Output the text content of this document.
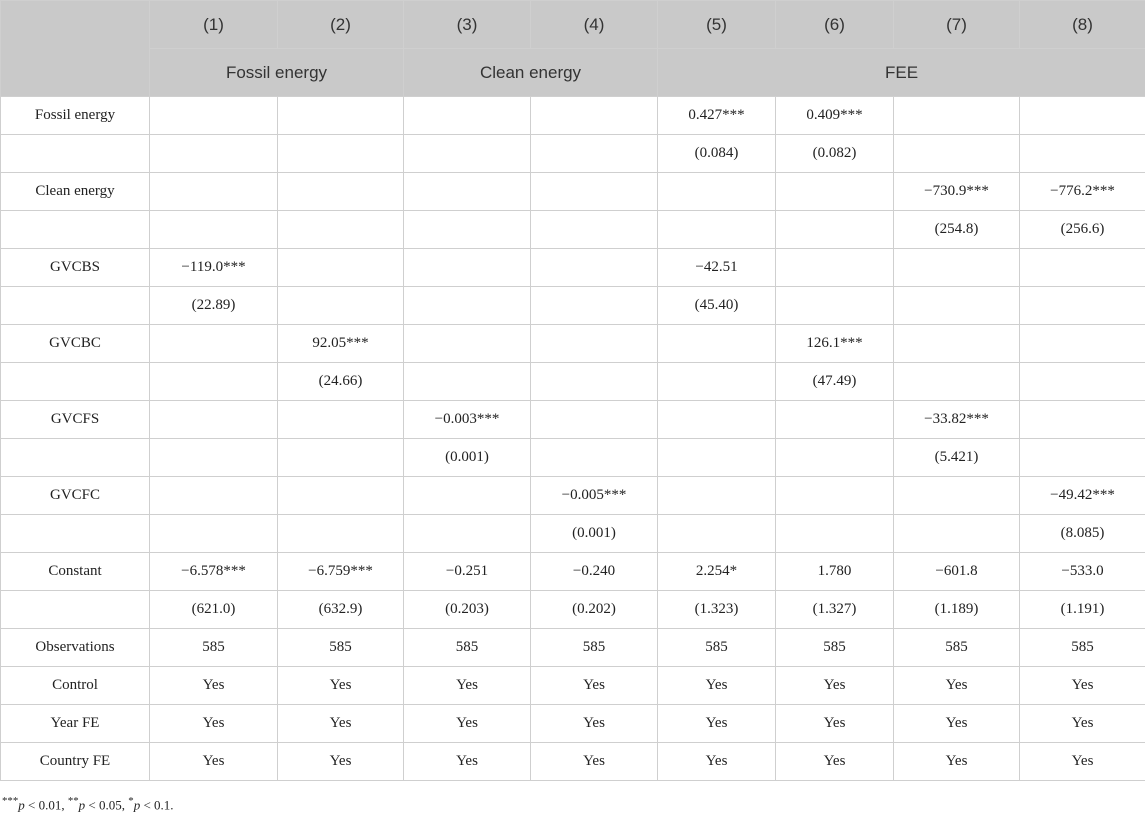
	(1)	(2)	(3)	(4)	(5)	(6)	(7)	(8)
	Fossil energy		Clean energy		FEE			
Fossil energy					0.427***	0.409***		
					(0.084)	(0.082)		
Clean energy							−730.9***	−776.2***
							(254.8)	(256.6)
GVCBS	−119.0***				−42.51			
	(22.89)				(45.40)			
GVCBC		92.05***				126.1***		
		(24.66)				(47.49)		
GVCFS			−0.003***				−33.82***	
			(0.001)				(5.421)	
GVCFC				−0.005***				−49.42***
				(0.001)				(8.085)
Constant	−6.578***	−6.759***	−0.251	−0.240	2.254*	1.780	−601.8	−533.0
	(621.0)	(632.9)	(0.203)	(0.202)	(1.323)	(1.327)	(1.189)	(1.191)
Observations	585	585	585	585	585	585	585	585
Control	Yes	Yes	Yes	Yes	Yes	Yes	Yes	Yes
Year FE	Yes	Yes	Yes	Yes	Yes	Yes	Yes	Yes
Country FE	Yes	Yes	Yes	Yes	Yes	Yes	Yes	Yes
***p < 0.01, **p < 0.05, *p < 0.1.
